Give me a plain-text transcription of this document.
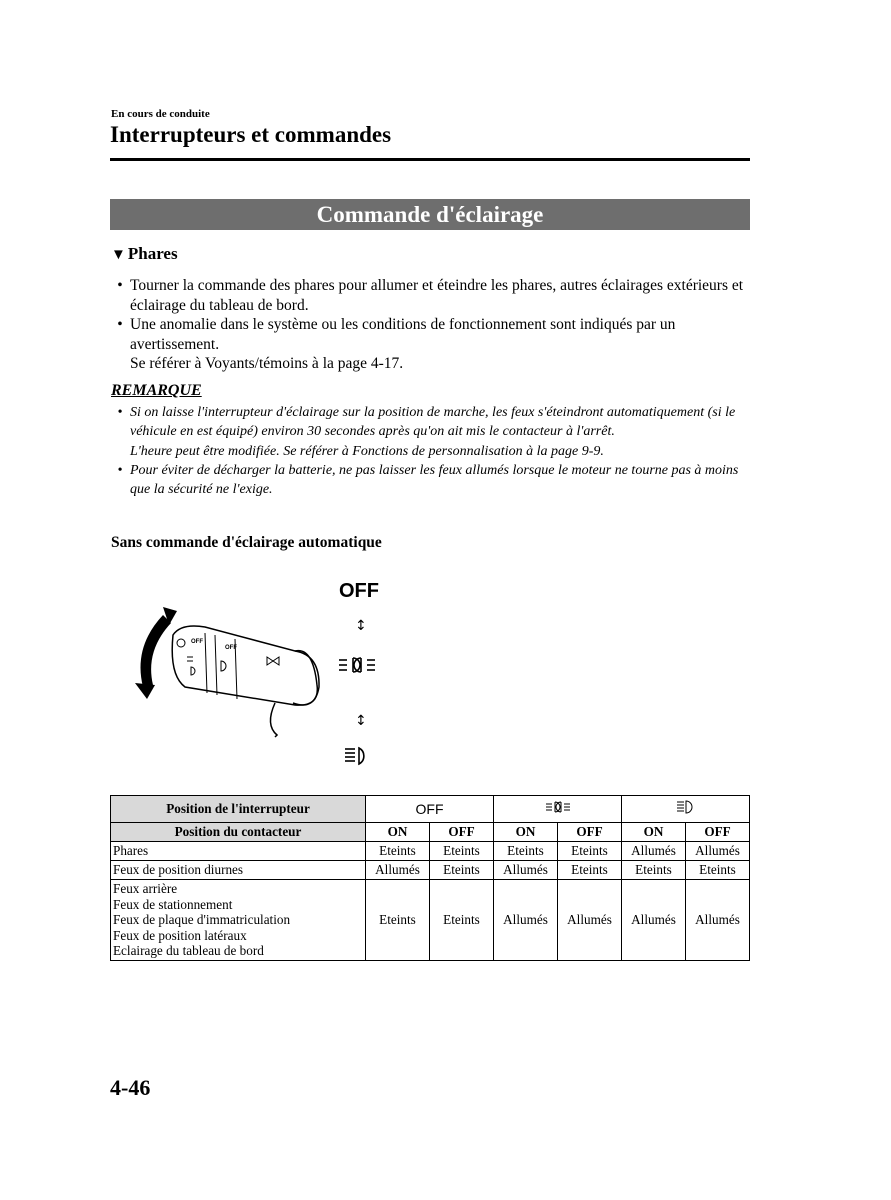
En cours de conduite
Interrupteurs et commandes
Commande d'éclairage
▼ Phares
• Tourner la commande des phares pour allumer et éteindre les phares, autres éclairages extérieurs et éclairage du tableau de bord.
• Une anomalie dans le système ou les conditions de fonctionnement sont indiqués par un avertissement.
Se référer à Voyants/témoins à la page 4-17.
REMARQUE
• Si on laisse l'interrupteur d'éclairage sur la position de marche, les feux s'éteindront automatiquement (si le véhicule en est équipé) environ 30 secondes après qu'on ait mis le contacteur à l'arrêt.
L'heure peut être modifiée. Se référer à Fonctions de personnalisation à la page 9-9.
• Pour éviter de décharger la batterie, ne pas laisser les feux allumés lorsque le moteur ne tourne pas à moins que la sécurité ne l'exige.
Sans commande d'éclairage automatique
OFF
OFF
OFF
↕
↕
Position de l'interrupteur	OFF		
Position du contacteur	ON	OFF	ON	OFF	ON	OFF
Phares	Eteints	Eteints	Eteints	Eteints	Allumés	Allumés
Feux de position diurnes	Allumés	Eteints	Allumés	Eteints	Eteints	Eteints

Feux arrière
Feux de stationnement
Feux de plaque d'immatriculation
Feux de position latéraux
Eclairage du tableau de bord	Eteints	Eteints	Allumés	Allumés	Allumés	Allumés
4-46
